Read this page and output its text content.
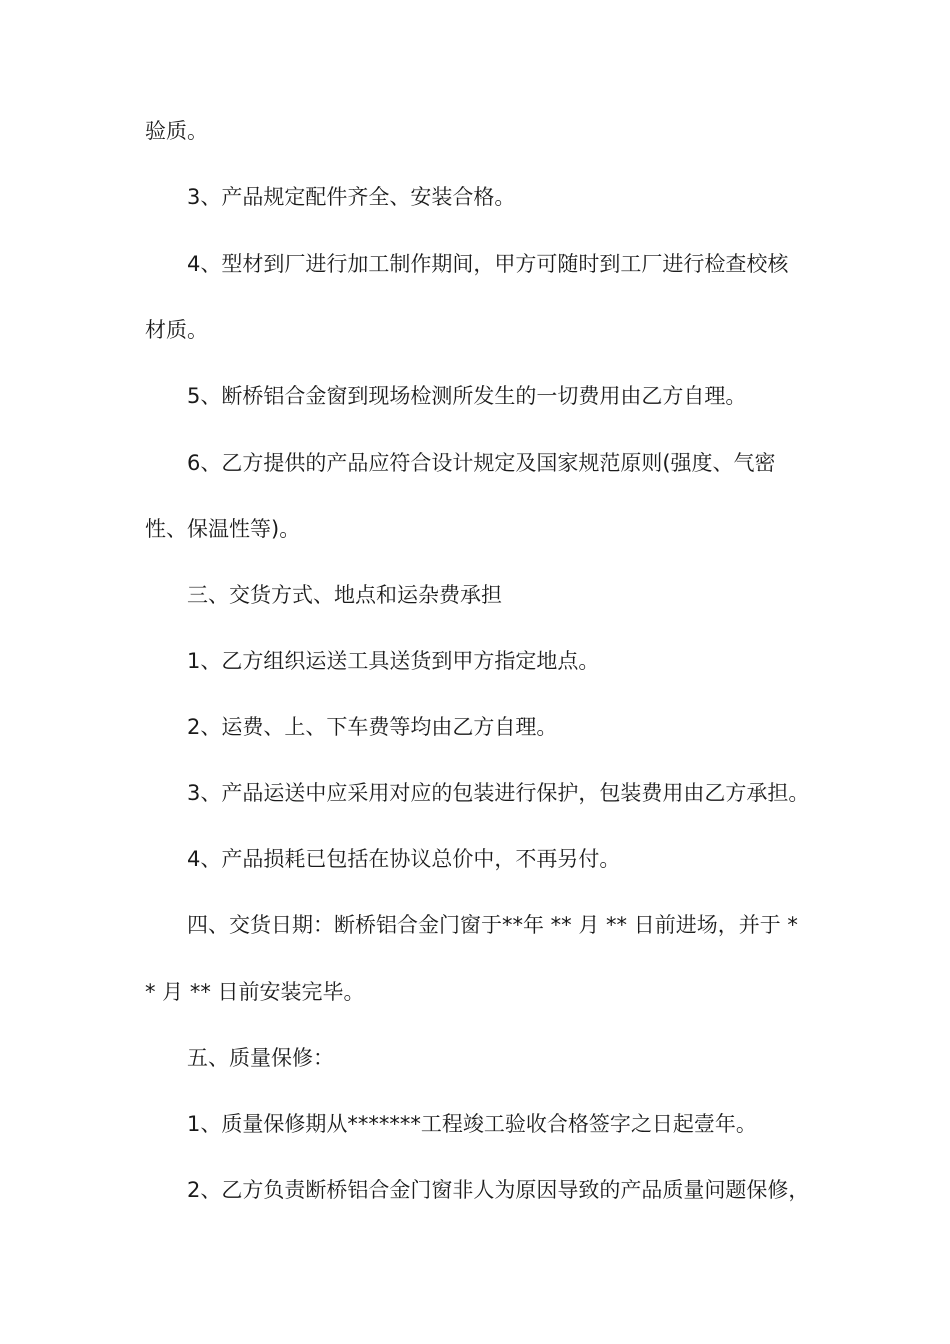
验质。
3、产品规定配件齐全、安装合格。
4、型材到厂进行加工制作期间，甲方可随时到工厂进行检查校核
材质。
5、断桥铝合金窗到现场检测所发生的一切费用由乙方自理。
6、乙方提供的产品应符合设计规定及国家规范原则(强度、气密
性、保温性等)。
三、交货方式、地点和运杂费承担
1、乙方组织运送工具送货到甲方指定地点。
2、运费、上、下车费等均由乙方自理。
3、产品运送中应采用对应的包装进行保护，包装费用由乙方承担。
4、产品损耗已包括在协议总价中，不再另付。
四、交货日期：断桥铝合金门窗于**年 ** 月 ** 日前进场，并于 *
* 月 ** 日前安装完毕。
五、质量保修：
1、质量保修期从*******工程竣工验收合格签字之日起壹年。
2、乙方负责断桥铝合金门窗非人为原因导致的产品质量问题保修，
